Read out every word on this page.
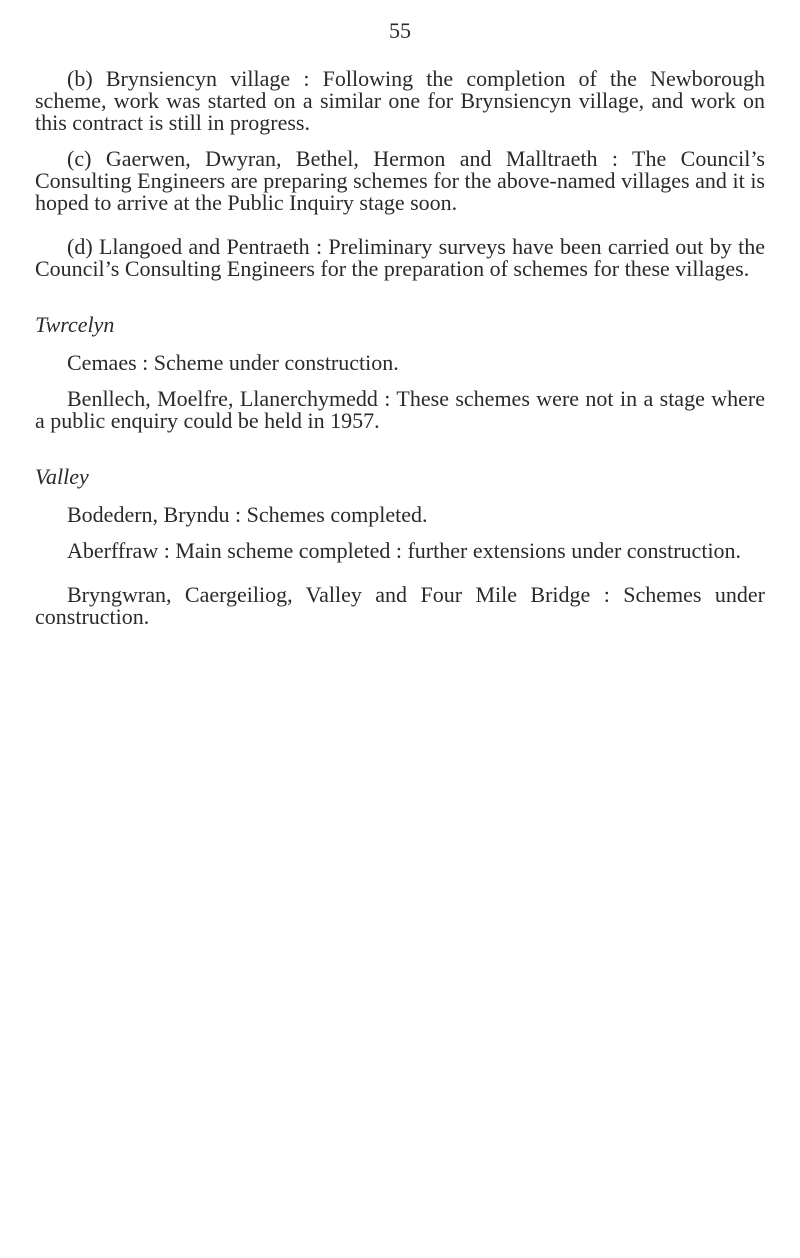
55

(b) Brynsiencyn village : Following the completion of the Newborough scheme, work was started on a similar one for Brynsiencyn village, and work on this contract is still in progress.

(c) Gaerwen, Dwyran, Bethel, Hermon and Malltraeth : The Council’s Consulting Engineers are preparing schemes for the above-named villages and it is hoped to arrive at the Public Inquiry stage soon.

(d) Llangoed and Pentraeth : Preliminary surveys have been carried out by the Council’s Consulting Engineers for the preparation of schemes for these villages.

Twrcelyn

Cemaes : Scheme under construction.

Benllech, Moelfre, Llanerchymedd : These schemes were not in a stage where a public enquiry could be held in 1957.

Valley

Bodedern, Bryndu : Schemes completed.

Aberffraw : Main scheme completed : further extensions under construction.

Bryngwran, Caergeiliog, Valley and Four Mile Bridge : Schemes under construction.
